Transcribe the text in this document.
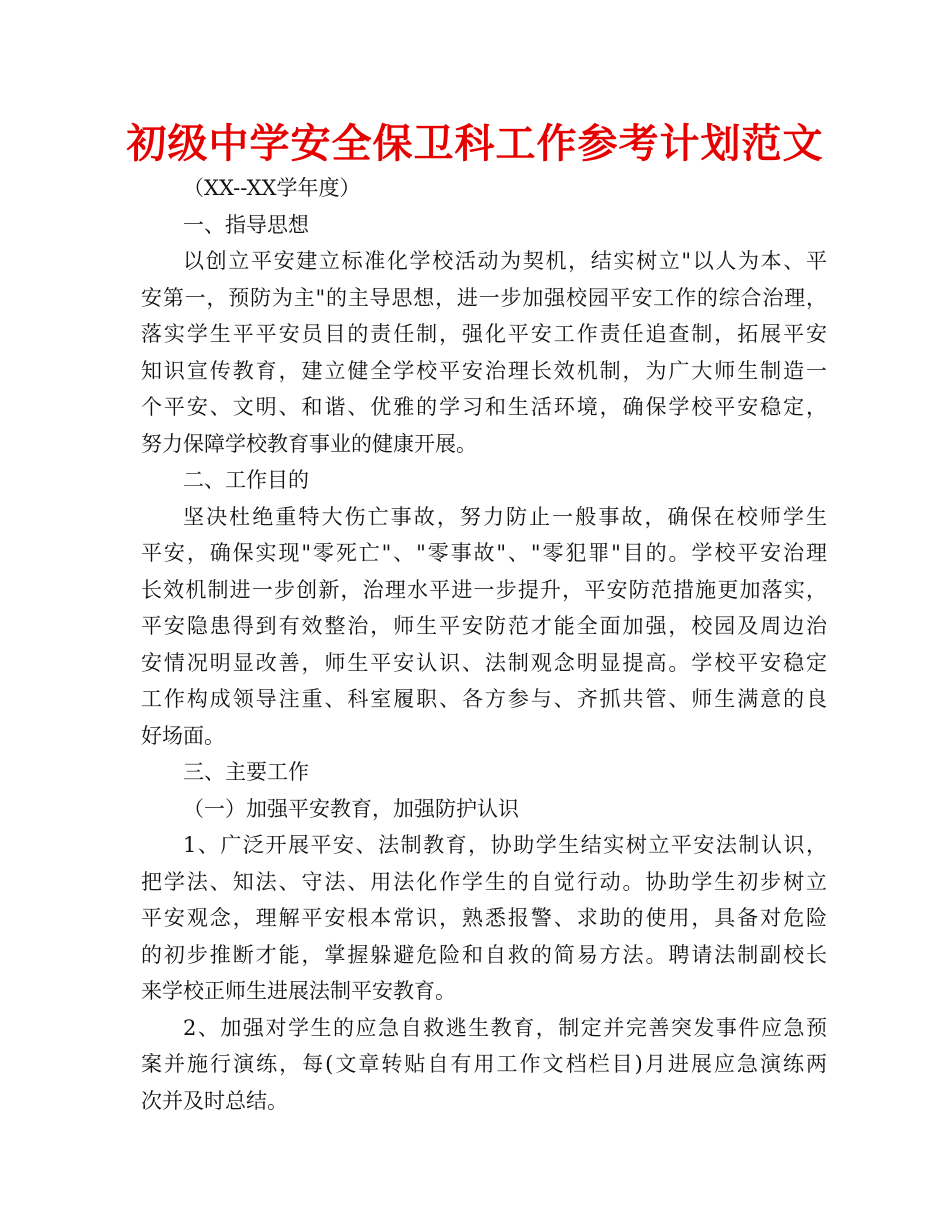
初级中学安全保卫科工作参考计划范文
（XX--XX学年度）
一、指导思想
以创立平安建立标准化学校活动为契机，结实树立"以人为本、平
安第一，预防为主"的主导思想，进一步加强校园平安工作的综合治理，
落实学生平平安员目的责任制，强化平安工作责任追查制，拓展平安
知识宣传教育，建立健全学校平安治理长效机制，为广大师生制造一
个平安、文明、和谐、优雅的学习和生活环境，确保学校平安稳定，
努力保障学校教育事业的健康开展。
二、工作目的
坚决杜绝重特大伤亡事故，努力防止一般事故，确保在校师学生
平安，确保实现"零死亡"、"零事故"、"零犯罪"目的。学校平安治理
长效机制进一步创新，治理水平进一步提升，平安防范措施更加落实，
平安隐患得到有效整治，师生平安防范才能全面加强，校园及周边治
安情况明显改善，师生平安认识、法制观念明显提高。学校平安稳定
工作构成领导注重、科室履职、各方参与、齐抓共管、师生满意的良
好场面。
三、主要工作
（一）加强平安教育，加强防护认识
1、广泛开展平安、法制教育，协助学生结实树立平安法制认识，
把学法、知法、守法、用法化作学生的自觉行动。协助学生初步树立
平安观念，理解平安根本常识，熟悉报警、求助的使用，具备对危险
的初步推断才能，掌握躲避危险和自救的简易方法。聘请法制副校长
来学校正师生进展法制平安教育。
2、加强对学生的应急自救逃生教育，制定并完善突发事件应急预
案并施行演练，每(文章转贴自有用工作文档栏目)月进展应急演练两
次并及时总结。
